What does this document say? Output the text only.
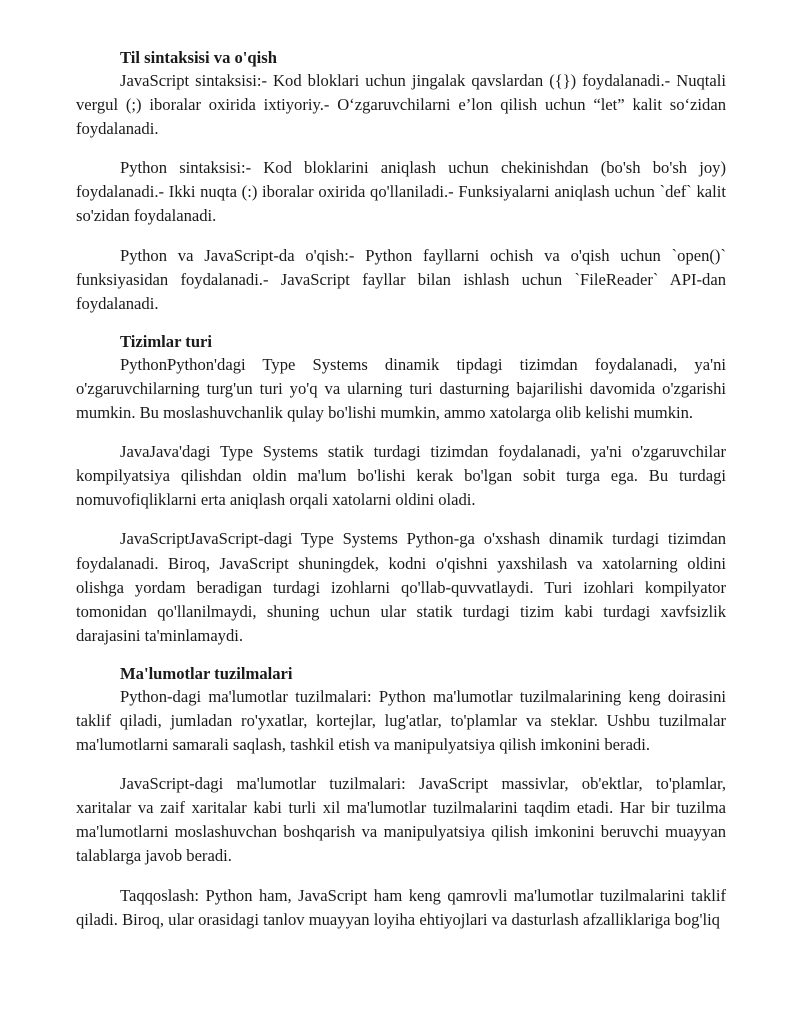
Til sintaksisi va o'qish

JavaScript sintaksisi:- Kod bloklari uchun jingalak qavslardan ({}) foydalanadi.- Nuqtali vergul (;) iboralar oxirida ixtiyoriy.- O‘zgaruvchilarni e’lon qilish uchun “let” kalit so‘zidan foydalanadi.

Python sintaksisi:- Kod bloklarini aniqlash uchun chekinishdan (bo'sh bo'sh joy) foydalanadi.- Ikki nuqta (:) iboralar oxirida qo'llaniladi.- Funksiyalarni aniqlash uchun `def` kalit so'zidan foydalanadi.

Python va JavaScript-da o'qish:- Python fayllarni ochish va o'qish uchun `open()` funksiyasidan foydalanadi.- JavaScript fayllar bilan ishlash uchun `FileReader` API-dan foydalanadi.

Tizimlar turi

PythonPython'dagi Type Systems dinamik tipdagi tizimdan foydalanadi, ya'ni o'zgaruvchilarning turg'un turi yo'q va ularning turi dasturning bajarilishi davomida o'zgarishi mumkin. Bu moslashuvchanlik qulay bo'lishi mumkin, ammo xatolarga olib kelishi mumkin.

JavaJava'dagi Type Systems statik turdagi tizimdan foydalanadi, ya'ni o'zgaruvchilar kompilyatsiya qilishdan oldin ma'lum bo'lishi kerak bo'lgan sobit turga ega. Bu turdagi nomuvofiqliklarni erta aniqlash orqali xatolarni oldini oladi.

JavaScriptJavaScript-dagi Type Systems Python-ga o'xshash dinamik turdagi tizimdan foydalanadi. Biroq, JavaScript shuningdek, kodni o'qishni yaxshilash va xatolarning oldini olishga yordam beradigan turdagi izohlarni qo'llab-quvvatlaydi. Turi izohlari kompilyator tomonidan qo'llanilmaydi, shuning uchun ular statik turdagi tizim kabi turdagi xavfsizlik darajasini ta'minlamaydi.

Ma'lumotlar tuzilmalari

Python-dagi ma'lumotlar tuzilmalari: Python ma'lumotlar tuzilmalarining keng doirasini taklif qiladi, jumladan ro'yxatlar, kortejlar, lug'atlar, to'plamlar va steklar. Ushbu tuzilmalar ma'lumotlarni samarali saqlash, tashkil etish va manipulyatsiya qilish imkonini beradi.

JavaScript-dagi ma'lumotlar tuzilmalari: JavaScript massivlar, ob'ektlar, to'plamlar, xaritalar va zaif xaritalar kabi turli xil ma'lumotlar tuzilmalarini taqdim etadi. Har bir tuzilma ma'lumotlarni moslashuvchan boshqarish va manipulyatsiya qilish imkonini beruvchi muayyan talablarga javob beradi.

Taqqoslash: Python ham, JavaScript ham keng qamrovli ma'lumotlar tuzilmalarini taklif qiladi. Biroq, ular orasidagi tanlov muayyan loyiha ehtiyojlari va dasturlash afzalliklariga bog'liq
